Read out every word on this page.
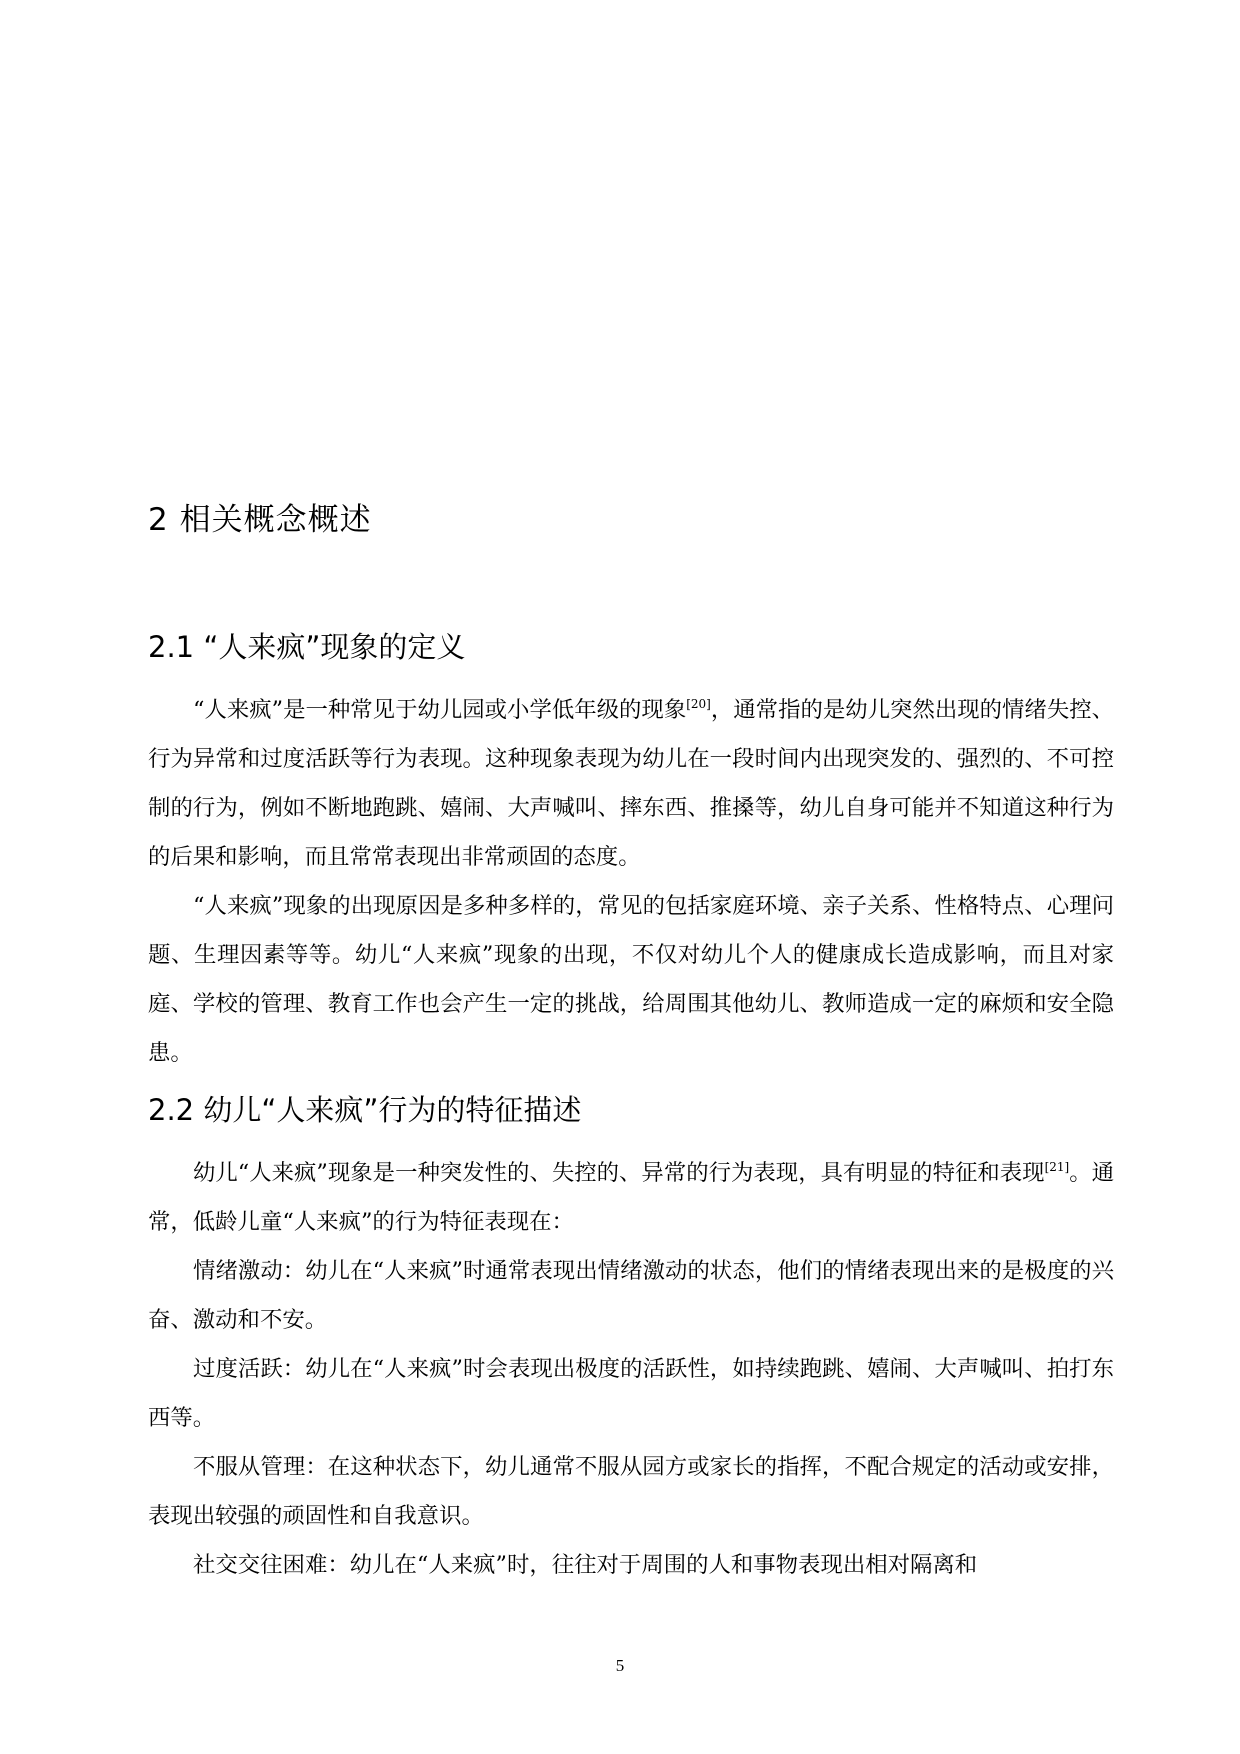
2 相关概念概述
2.1 “人来疯”现象的定义

“人来疯”是一种常见于幼儿园或小学低年级的现象[20]，通常指的是幼儿突然出现的情绪失控、行为异常和过度活跃等行为表现。这种现象表现为幼儿在一段时间内出现突发的、强烈的、不可控制的行为，例如不断地跑跳、嬉闹、大声喊叫、摔东西、推搡等，幼儿自身可能并不知道这种行为的后果和影响，而且常常表现出非常顽固的态度。

“人来疯”现象的出现原因是多种多样的，常见的包括家庭环境、亲子关系、性格特点、心理问题、生理因素等等。幼儿“人来疯”现象的出现，不仅对幼儿个人的健康成长造成影响，而且对家庭、学校的管理、教育工作也会产生一定的挑战，给周围其他幼儿、教师造成一定的麻烦和安全隐患。

2.2 幼儿“人来疯”行为的特征描述

幼儿“人来疯”现象是一种突发性的、失控的、异常的行为表现，具有明显的特征和表现[21]。通常，低龄儿童“人来疯”的行为特征表现在：

情绪激动：幼儿在“人来疯”时通常表现出情绪激动的状态，他们的情绪表现出来的是极度的兴奋、激动和不安。

过度活跃：幼儿在“人来疯”时会表现出极度的活跃性，如持续跑跳、嬉闹、大声喊叫、拍打东西等。

不服从管理：在这种状态下，幼儿通常不服从园方或家长的指挥，不配合规定的活动或安排，表现出较强的顽固性和自我意识。

社交交往困难：幼儿在“人来疯”时，往往对于周围的人和事物表现出相对隔离和

5
